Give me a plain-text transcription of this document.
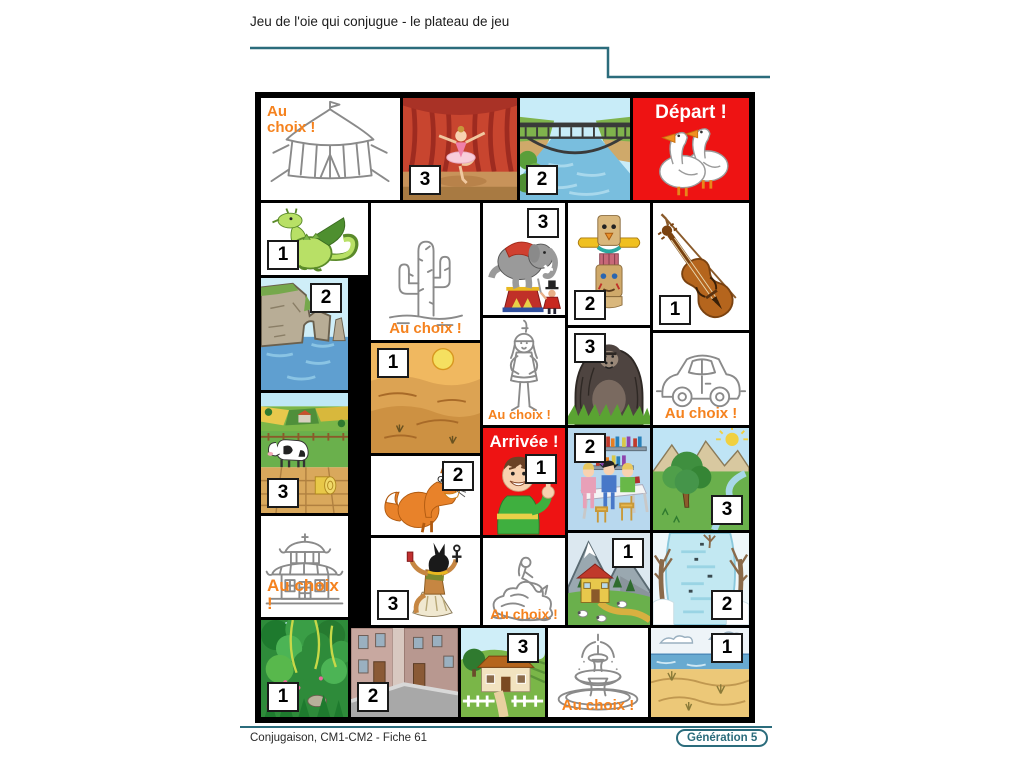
Jeu de l'oie qui conjugue - le plateau de jeu
Au choix !
3	2
Départ !
1
2
3
Au choix !
1
Au choix !
1
2
3
2
3
Au choix !
Arrivée !
1
Au choix !
3
2
3
2
1
Au choix !
1
Au choix !
3
2
1
Conjugaison, CM1-CM2 - Fiche 61	Génération 5
